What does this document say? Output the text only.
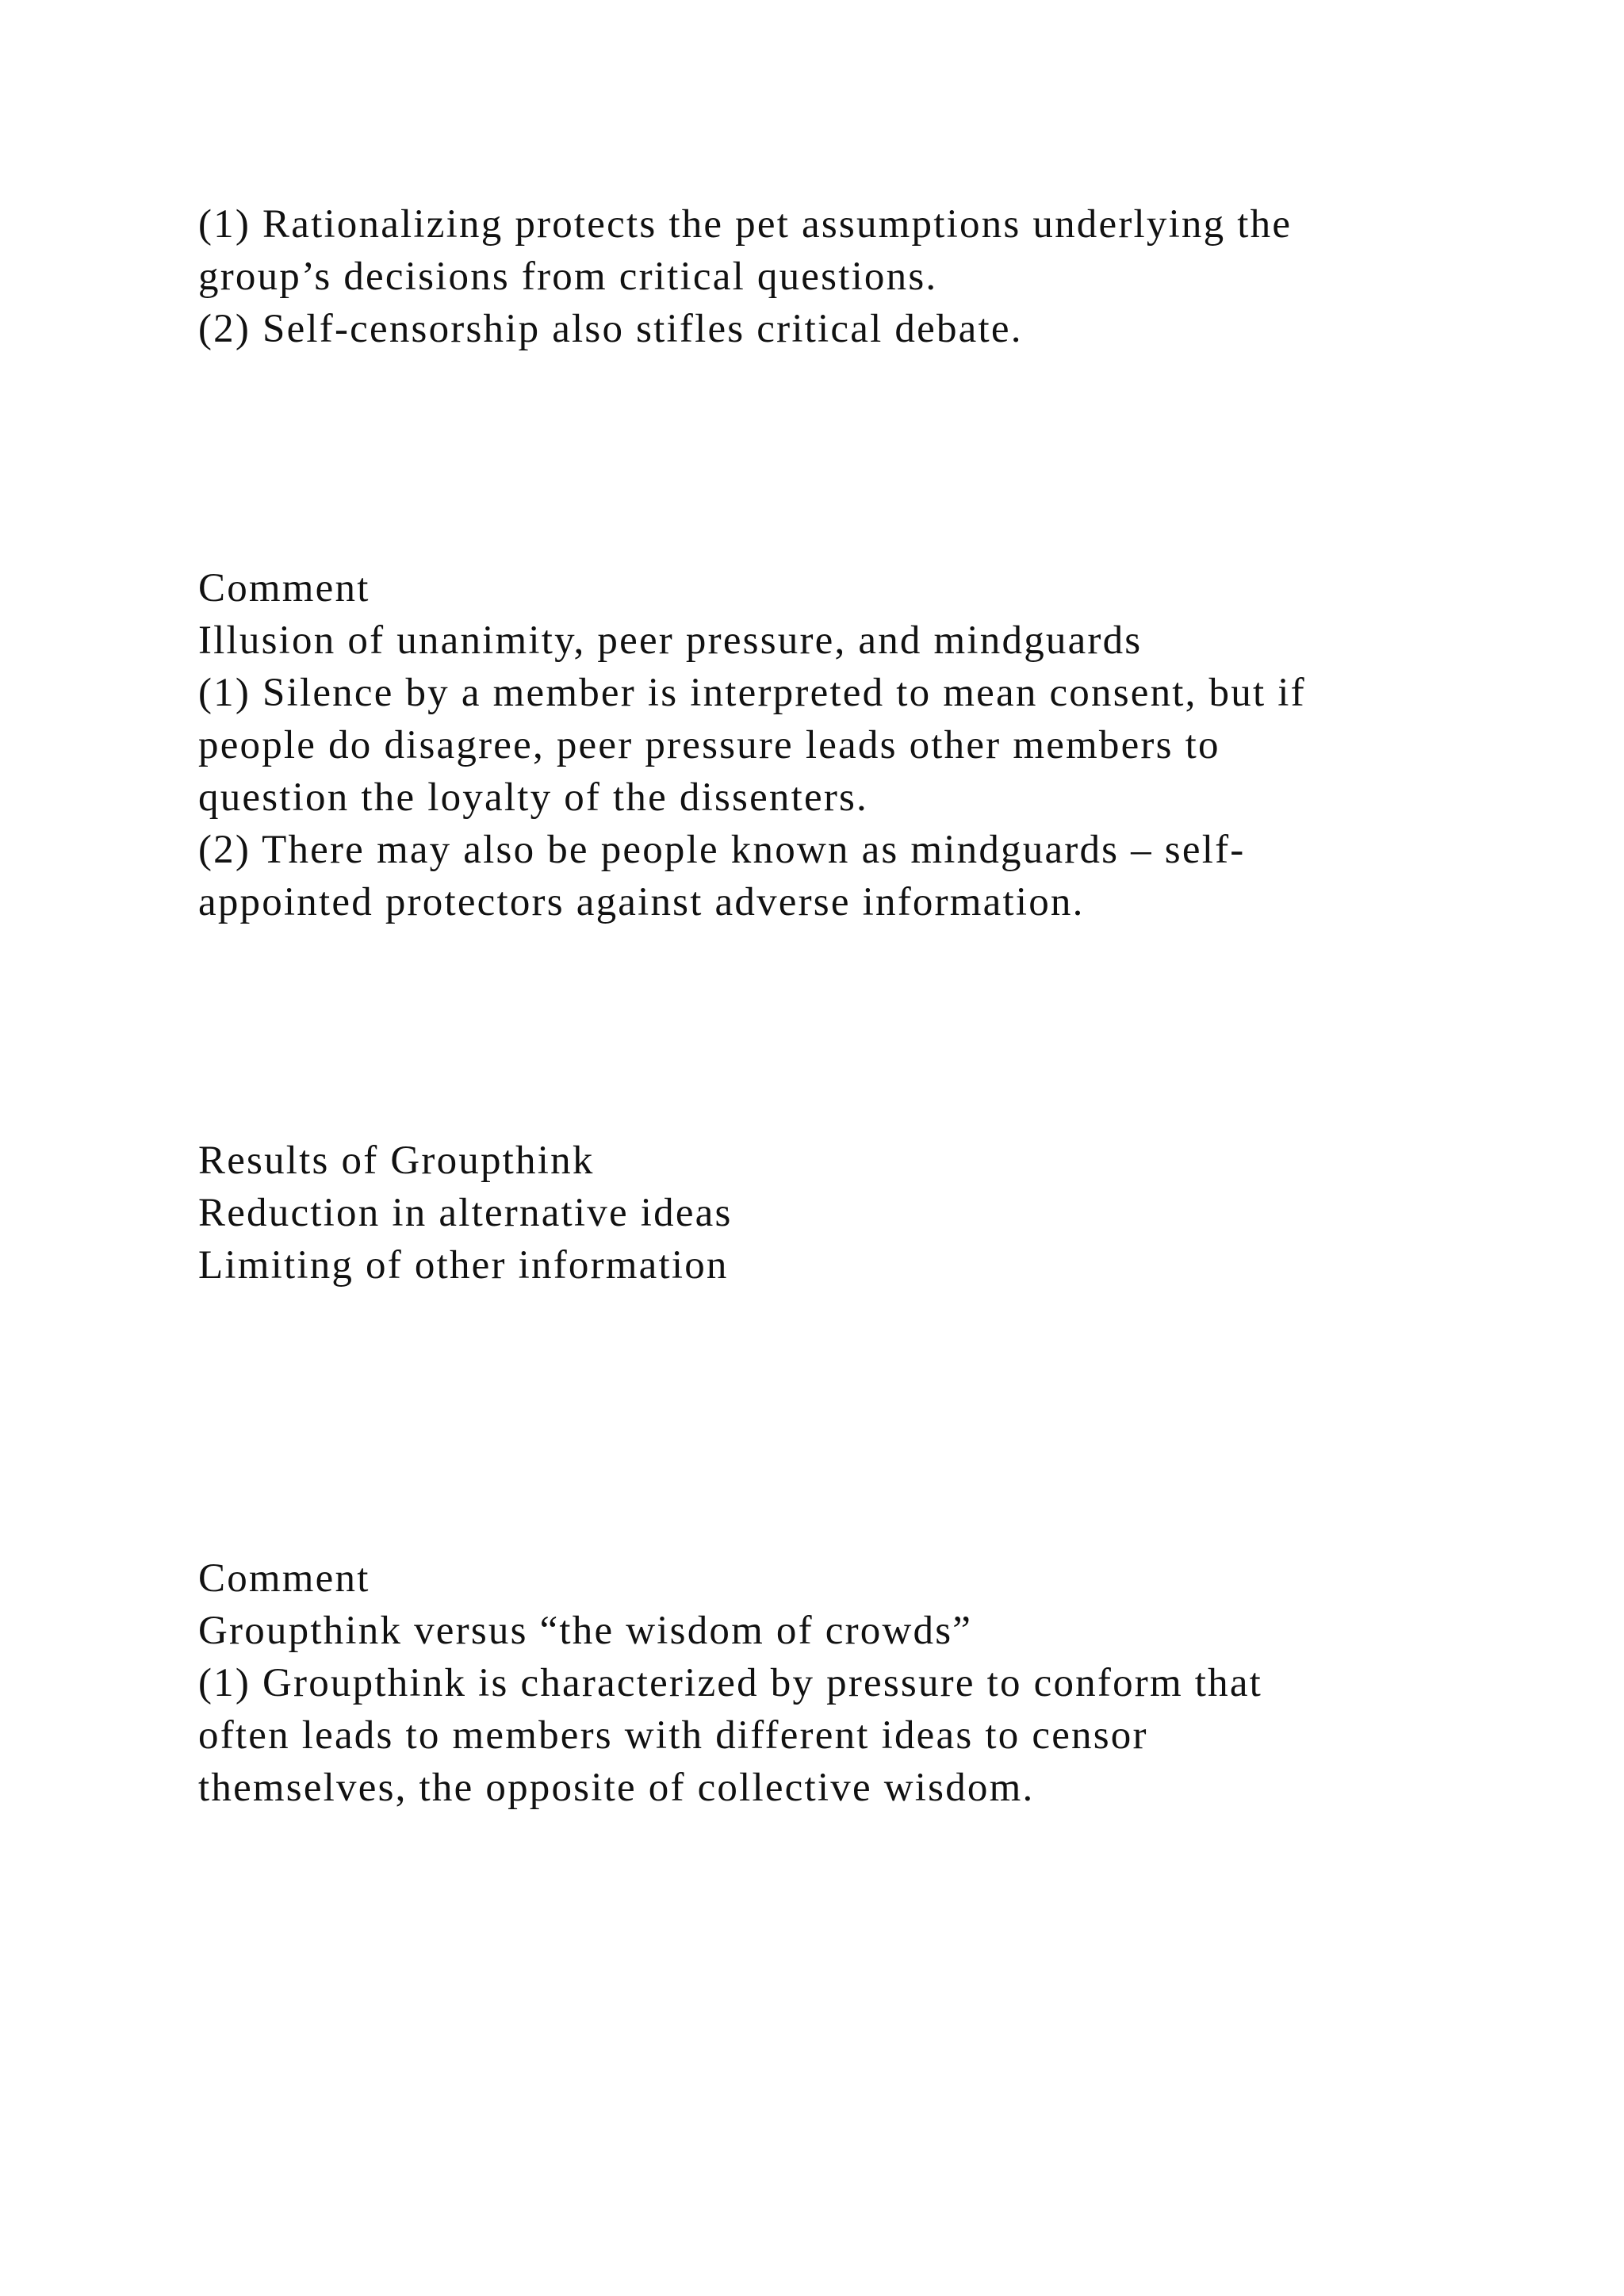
(1) Rationalizing protects the pet assumptions underlying the
group’s decisions from critical questions.
(2) Self-censorship also stifles critical debate.
Comment
Illusion of unanimity, peer pressure, and mindguards
(1) Silence by a member is interpreted to mean consent, but if
people do disagree, peer pressure leads other members to
question the loyalty of the dissenters.
(2) There may also be people known as mindguards – self-
appointed protectors against adverse information.
Results of Groupthink
Reduction in alternative ideas
Limiting of other information
Comment
Groupthink versus “the wisdom of crowds”
(1) Groupthink is characterized by pressure to conform that
often leads to members with different ideas to censor
themselves, the opposite of collective wisdom.
